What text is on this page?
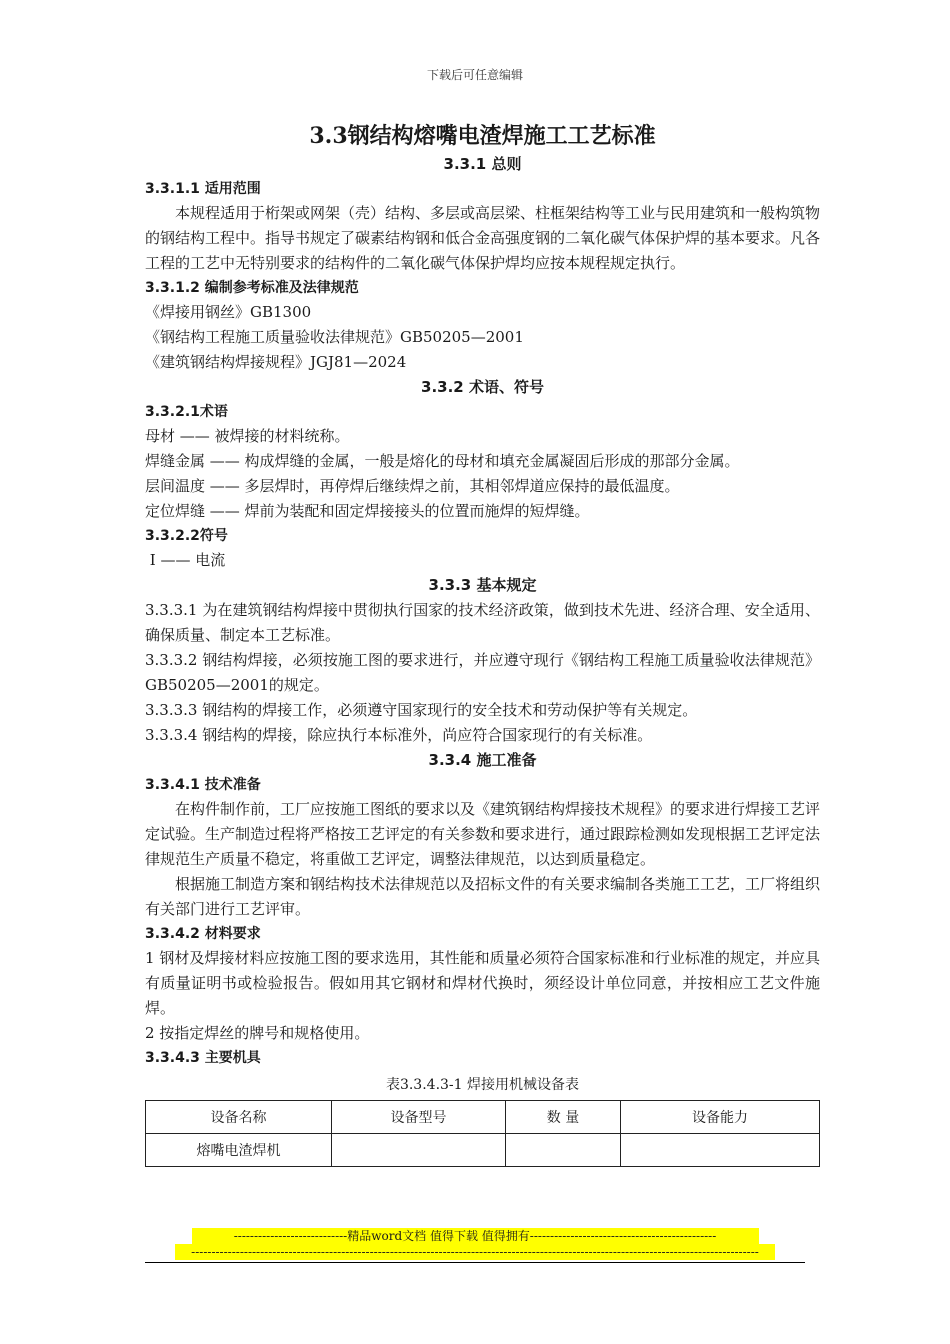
下载后可任意编辑
3.3钢结构熔嘴电渣焊施工工艺标准
3.3.1 总则
3.3.1.1 适用范围

本规程适用于桁架或网架（壳）结构、多层或高层梁、柱框架结构等工业与民用建筑和一般构筑物的钢结构工程中。指导书规定了碳素结构钢和低合金高强度钢的二氧化碳气体保护焊的基本要求。凡各工程的工艺中无特别要求的结构件的二氧化碳气体保护焊均应按本规程规定执行。

3.3.1.2 编制参考标准及法律规范

《焊接用钢丝》GB1300

《钢结构工程施工质量验收法律规范》GB50205—2001

《建筑钢结构焊接规程》JGJ81—2024

3.3.2 术语、符号
3.3.2.1术语

母材 —— 被焊接的材料统称。

焊缝金属 —— 构成焊缝的金属，一般是熔化的母材和填充金属凝固后形成的那部分金属。

层间温度 —— 多层焊时，再停焊后继续焊之前，其相邻焊道应保持的最低温度。

定位焊缝 —— 焊前为装配和固定焊接接头的位置而施焊的短焊缝。

3.3.2.2符号

I —— 电流

3.3.3 基本规定

3.3.3.1 为在建筑钢结构焊接中贯彻执行国家的技术经济政策，做到技术先进、经济合理、安全适用、确保质量、制定本工艺标准。

3.3.3.2 钢结构焊接，必须按施工图的要求进行，并应遵守现行《钢结构工程施工质量验收法律规范》GB50205—2001的规定。

3.3.3.3 钢结构的焊接工作，必须遵守国家现行的安全技术和劳动保护等有关规定。

3.3.3.4 钢结构的焊接，除应执行本标准外，尚应符合国家现行的有关标准。

3.3.4 施工准备
3.3.4.1 技术准备

在构件制作前，工厂应按施工图纸的要求以及《建筑钢结构焊接技术规程》的要求进行焊接工艺评定试验。生产制造过程将严格按工艺评定的有关参数和要求进行，通过跟踪检测如发现根据工艺评定法律规范生产质量不稳定，将重做工艺评定，调整法律规范，以达到质量稳定。

根据施工制造方案和钢结构技术法律规范以及招标文件的有关要求编制各类施工工艺，工厂将组织有关部门进行工艺评审。

3.3.4.2 材料要求

1 钢材及焊接材料应按施工图的要求选用，其性能和质量必须符合国家标准和行业标准的规定，并应具有质量证明书或检验报告。假如用其它钢材和焊材代换时，须经设计单位同意，并按相应工艺文件施焊。

2 按指定焊丝的牌号和规格使用。

3.3.4.3 主要机具
表3.3.4.3-1 焊接用机械设备表
设备名称	设备型号	数 量	设备能力
熔嘴电渣焊机			
----------------------------精品word文档 值得下载 值得拥有----------------------------------------------
--------------------------------------------------------------------------------------------------------------------------------------------
